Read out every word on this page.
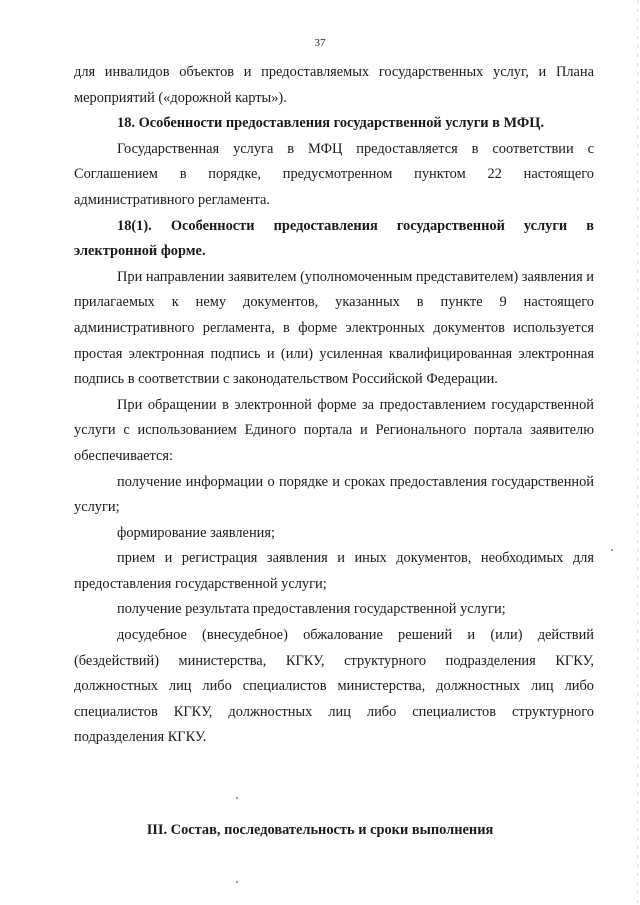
37

для инвалидов объектов и предоставляемых государственных услуг, и Плана мероприятий («дорожной карты»).

18. Особенности предоставления государственной услуги в МФЦ.

Государственная услуга в МФЦ предоставляется в соответствии с Соглашением в порядке, предусмотренном пунктом 22 настоящего административного регламента.

18(1). Особенности предоставления государственной услуги в электронной форме.

При направлении заявителем (уполномоченным представителем) заявления и прилагаемых к нему документов, указанных в пункте 9 настоящего административного регламента, в форме электронных документов используется простая электронная подпись и (или) усиленная квалифицированная электронная подпись в соответствии с законодательством Российской Федерации.

При обращении в электронной форме за предоставлением государственной услуги с использованием Единого портала и Регионального портала заявителю обеспечивается:

получение информации о порядке и сроках предоставления государственной услуги;

формирование заявления;

прием и регистрация заявления и иных документов, необходимых для предоставления государственной услуги;

получение результата предоставления государственной услуги;

досудебное (внесудебное) обжалование решений и (или) действий (бездействий) министерства, КГКУ, структурного подразделения КГКУ, должностных лиц либо специалистов министерства, должностных лиц либо специалистов КГКУ, должностных лиц либо специалистов структурного подразделения КГКУ.

III. Состав, последовательность и сроки выполнения
